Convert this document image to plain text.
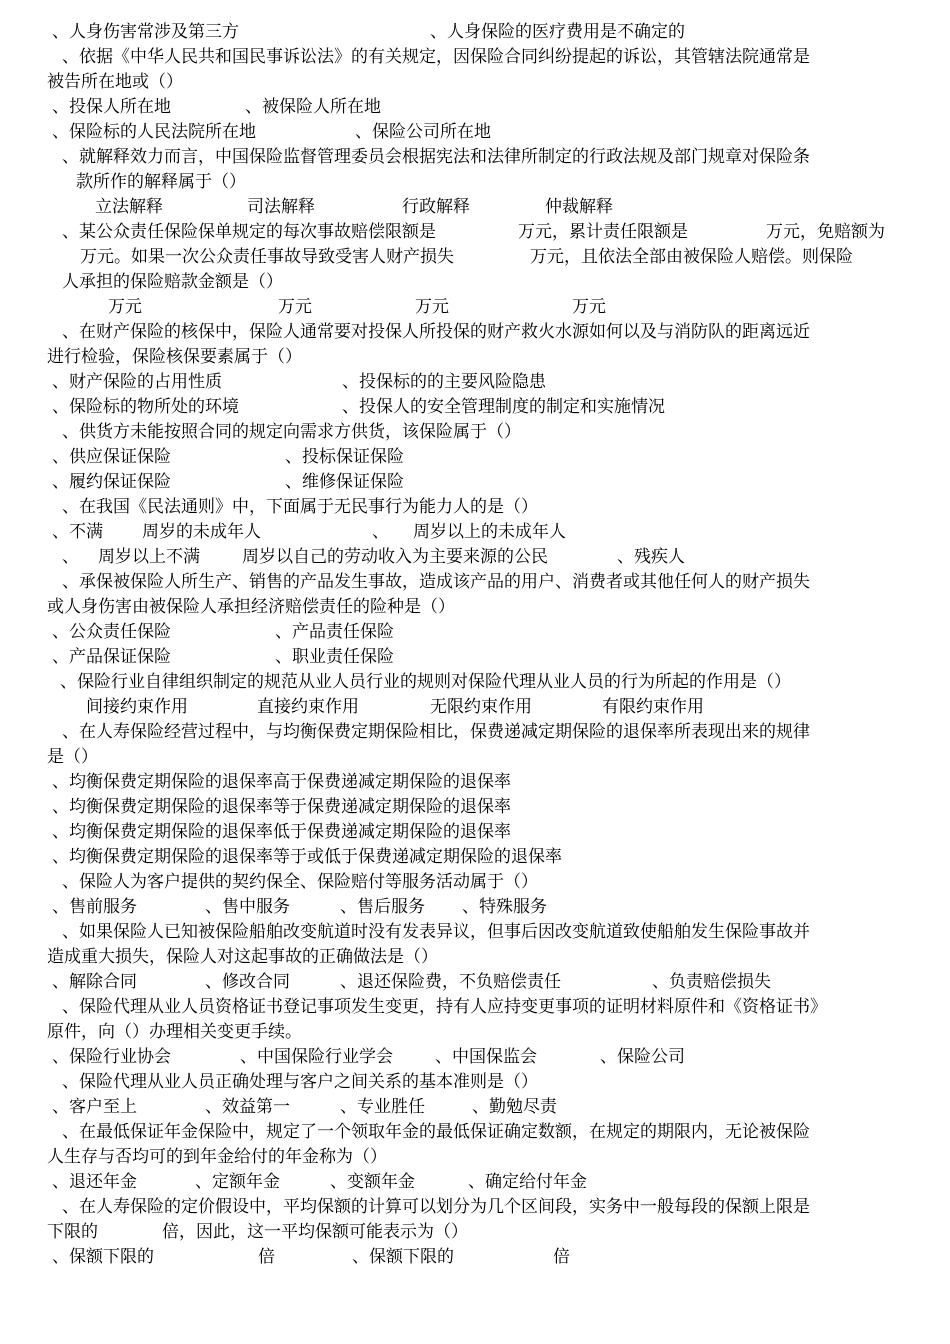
、人身伤害常涉及第三方	、人身保险的医疗费用是不确定的
、依据《中华人民共和国民事诉讼法》的有关规定，因保险合同纠纷提起的诉讼，其管辖法院通常是
被告所在地或（）
、投保人所在地	、被保险人所在地
、保险标的人民法院所在地	、保险公司所在地
、就解释效力而言，中国保险监督管理委员会根据宪法和法律所制定的行政法规及部门规章对保险条
款所作的解释属于（）
立法解释	司法解释	行政解释	仲裁解释
、某公众责任保险保单规定的每次事故赔偿限额是	万元，累计责任限额是	万元，免赔额为
万元。如果一次公众责任事故导致受害人财产损失	万元，且依法全部由被保险人赔偿。则保险
人承担的保险赔款金额是（）
万元	万元	万元	万元
、在财产保险的核保中，保险人通常要对投保人所投保的财产救火水源如何以及与消防队的距离远近
进行检验，保险核保要素属于（）
、财产保险的占用性质	、投保标的的主要风险隐患
、保险标的物所处的环境	、投保人的安全管理制度的制定和实施情况
、供货方未能按照合同的规定向需求方供货，该保险属于（）
、供应保证保险	、投标保证保险
、履约保证保险	、维修保证保险
、在我国《民法通则》中，下面属于无民事行为能力人的是（）
、不满 周岁的未成年人	、 周岁以上的未成年人
、 周岁以上不满 周岁以自己的劳动收入为主要来源的公民	、残疾人
、承保被保险人所生产、销售的产品发生事故，造成该产品的用户、消费者或其他任何人的财产损失
或人身伤害由被保险人承担经济赔偿责任的险种是（）
、公众责任保险	、产品责任保险
、产品保证保险	、职业责任保险
、保险行业自律组织制定的规范从业人员行业的规则对保险代理从业人员的行为所起的作用是（）
间接约束作用	直接约束作用	无限约束作用	有限约束作用
、在人寿保险经营过程中，与均衡保费定期保险相比，保费递减定期保险的退保率所表现出来的规律
是（）
、均衡保费定期保险的退保率高于保费递减定期保险的退保率
、均衡保费定期保险的退保率等于保费递减定期保险的退保率
、均衡保费定期保险的退保率低于保费递减定期保险的退保率
、均衡保费定期保险的退保率等于或低于保费递减定期保险的退保率
、保险人为客户提供的契约保全、保险赔付等服务活动属于（）
、售前服务	、售中服务	、售后服务 、特殊服务
、如果保险人已知被保险船舶改变航道时没有发表异议，但事后因改变航道致使船舶发生保险事故并
造成重大损失，保险人对这起事故的正确做法是（）
、解除合同	、修改合同	、退还保险费，不负赔偿责任	、负责赔偿损失
、保险代理从业人员资格证书登记事项发生变更，持有人应持变更事项的证明材料原件和《资格证书》
原件，向（）办理相关变更手续。
、保险行业协会	、中国保险行业学会 、中国保监会	、保险公司
、保险代理从业人员正确处理与客户之间关系的基本准则是（）
、客户至上	、效益第一	、专业胜任	、勤勉尽责
、在最低保证年金保险中，规定了一个领取年金的最低保证确定数额，在规定的期限内，无论被保险
人生存与否均可的到年金给付的年金称为（）
、退还年金	、定额年金	、变额年金	、确定给付年金
、在人寿保险的定价假设中，平均保额的计算可以划分为几个区间段，实务中一般每段的保额上限是
下限的	倍，因此，这一平均保额可能表示为（）
、保额下限的	倍	、保额下限的	倍
